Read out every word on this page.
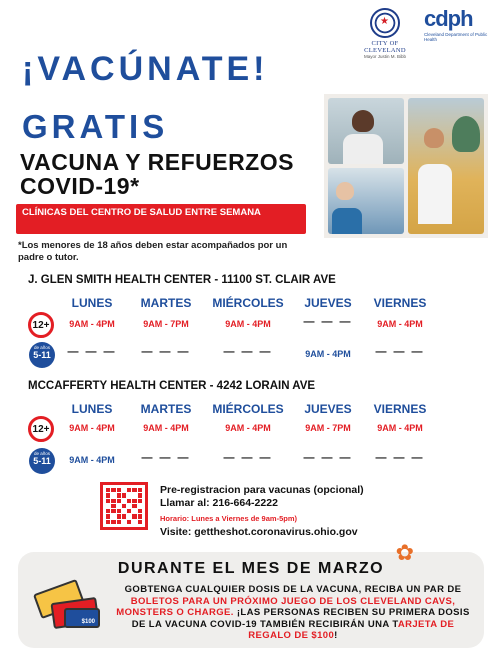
★
CITY OF CLEVELAND
Mayor Justin M. Bibb
cdph
Cleveland Department of Public Health
¡VACÚNATE!
GRATIS
VACUNA Y REFUERZOS
COVID-19*
CLÍNICAS DEL CENTRO DE SALUD ENTRE SEMANA
*Los menores de 18 años deben estar acompañados por un padre o tutor.
J. GLEN SMITH HEALTH CENTER - 11100 ST. CLAIR AVE
LUNES	MARTES	MIÉRCOLES	JUEVES	VIERNES
12+	9AM - 4PM	9AM - 7PM	9AM - 4PM	— — —	9AM - 4PM
de años
5-11	— — —	— — —	— — —	9AM - 4PM	— — —
MCCAFFERTY HEALTH CENTER - 4242 LORAIN AVE
LUNES	MARTES	MIÉRCOLES	JUEVES	VIERNES
12+	9AM - 4PM	9AM - 4PM	9AM - 4PM	9AM - 7PM	9AM - 4PM
de años
5-11	9AM - 4PM	— — —	— — —	— — —	— — —
Pre-registracion para vacunas (opcional)
Llamar al: 216-664-2222
Horario: Lunes a Viernes de 9am-5pm)
Visite: gettheshot.coronavirus.ohio.gov
✿
DURANTE EL MES DE MARZO
$100
GOBTENGA CUALQUIER DOSIS DE LA VACUNA, RECIBA UN PAR DE BOLETOS PARA UN PRÓXIMO JUEGO DE LOS CLEVELAND CAVS, MONSTERS O CHARGE. ¡LAS PERSONAS RECIBEN SU PRIMERA DOSIS DE LA VACUNA COVID-19 TAMBIÉN RECIBIRÁN UNA TARJETA DE REGALO DE $100!
